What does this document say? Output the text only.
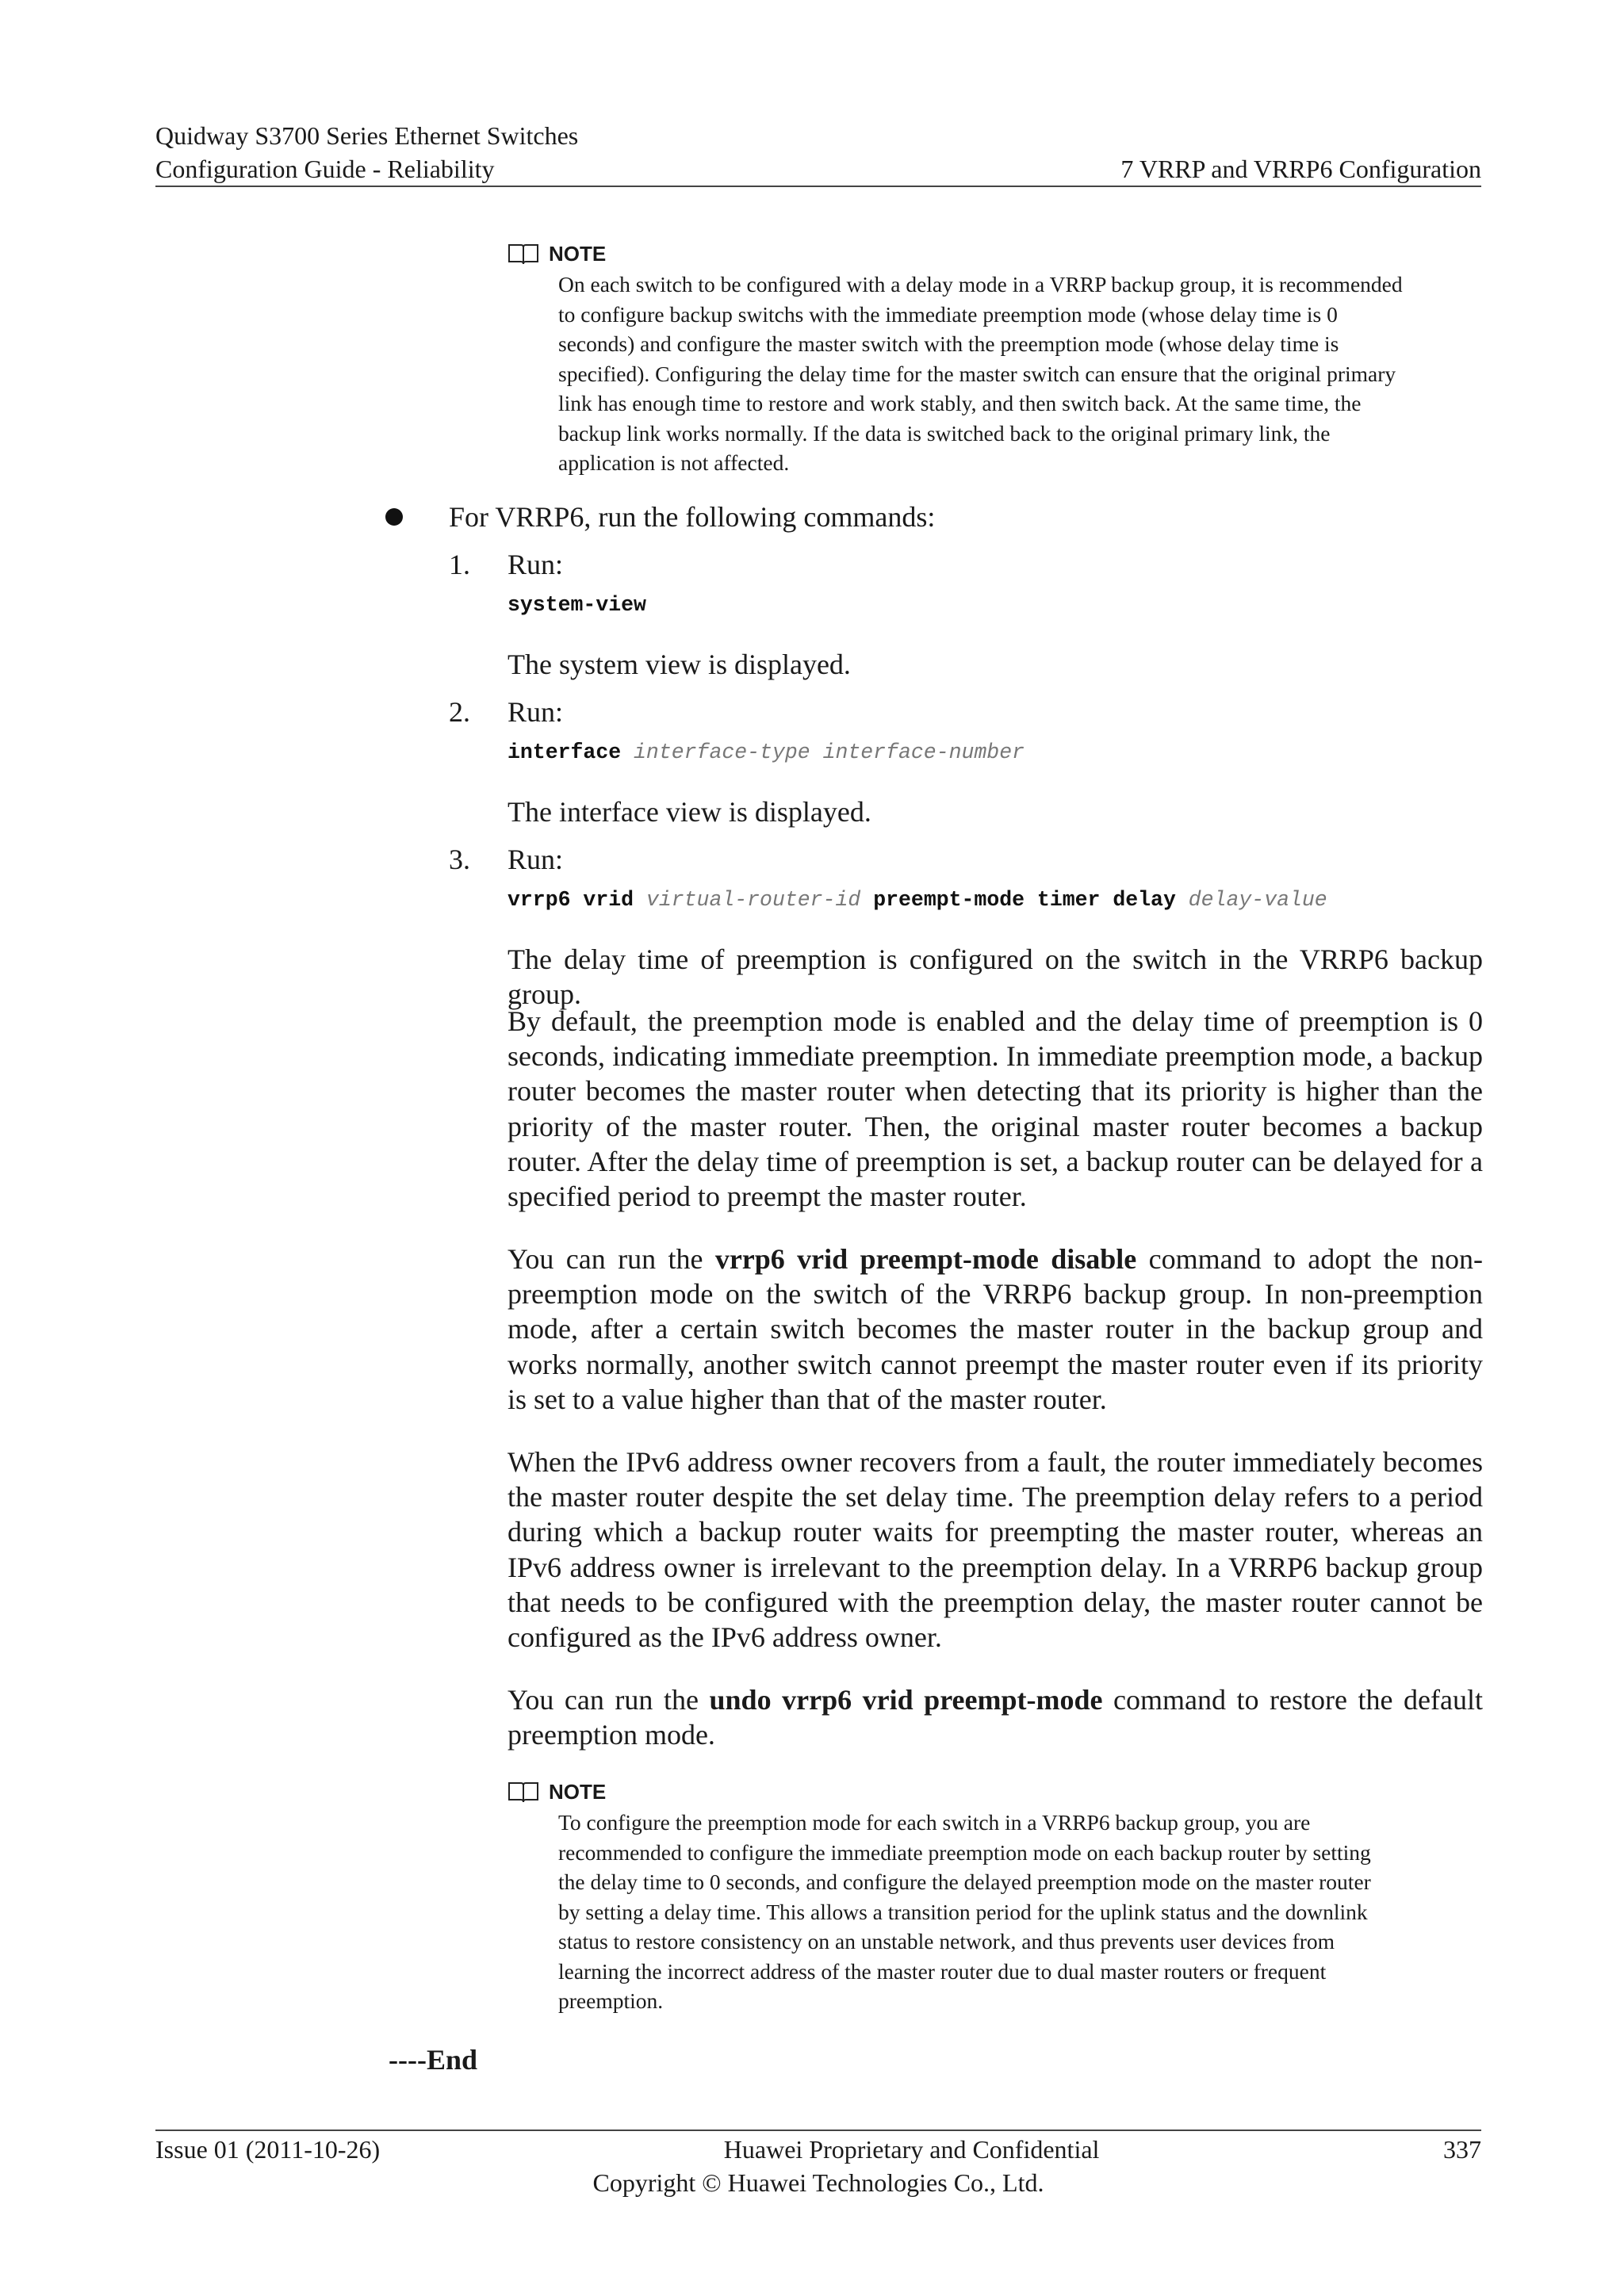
Quidway S3700 Series Ethernet Switches
Configuration Guide - Reliability	7 VRRP and VRRP6 Configuration
NOTE
On each switch to be configured with a delay mode in a VRRP backup group, it is recommended
to configure backup switchs with the immediate preemption mode (whose delay time is 0
seconds) and configure the master switch with the preemption mode (whose delay time is
specified). Configuring the delay time for the master switch can ensure that the original primary
link has enough time to restore and work stably, and then switch back. At the same time, the
backup link works normally. If the data is switched back to the original primary link, the
application is not affected.
For VRRP6, run the following commands:
1. Run:
system-view
The system view is displayed.
2. Run:
interface interface-type interface-number
The interface view is displayed.
3. Run:
vrrp6 vrid virtual-router-id preempt-mode timer delay delay-value
The delay time of preemption is configured on the switch in the VRRP6 backup group.
By default, the preemption mode is enabled and the delay time of preemption is 0 seconds, indicating immediate preemption. In immediate preemption mode, a backup router becomes the master router when detecting that its priority is higher than the priority of the master router. Then, the original master router becomes a backup router. After the delay time of preemption is set, a backup router can be delayed for a specified period to preempt the master router.
You can run the vrrp6 vrid preempt-mode disable command to adopt the non-preemption mode on the switch of the VRRP6 backup group. In non-preemption mode, after a certain switch becomes the master router in the backup group and works normally, another switch cannot preempt the master router even if its priority is set to a value higher than that of the master router.
When the IPv6 address owner recovers from a fault, the router immediately becomes the master router despite the set delay time. The preemption delay refers to a period during which a backup router waits for preempting the master router, whereas an IPv6 address owner is irrelevant to the preemption delay. In a VRRP6 backup group that needs to be configured with the preemption delay, the master router cannot be configured as the IPv6 address owner.
You can run the undo vrrp6 vrid preempt-mode command to restore the default preemption mode.
NOTE
To configure the preemption mode for each switch in a VRRP6 backup group, you are
recommended to configure the immediate preemption mode on each backup router by setting
the delay time to 0 seconds, and configure the delayed preemption mode on the master router
by setting a delay time. This allows a transition period for the uplink status and the downlink
status to restore consistency on an unstable network, and thus prevents user devices from
learning the incorrect address of the master router due to dual master routers or frequent
preemption.
----End
Issue 01 (2011-10-26)	Huawei Proprietary and Confidential	337
Copyright © Huawei Technologies Co., Ltd.
